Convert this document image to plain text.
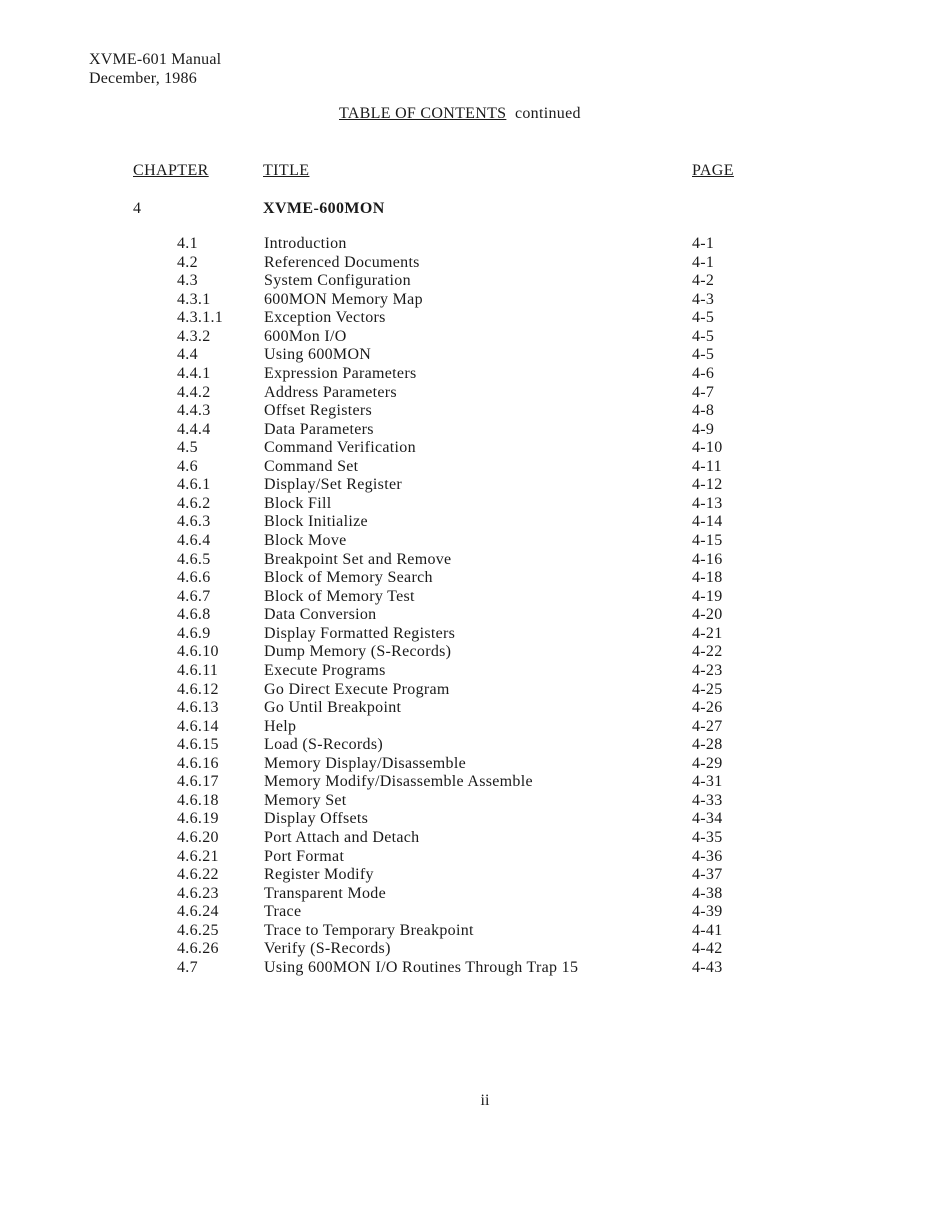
XVME-601 Manual
December, 1986
TABLE OF CONTENTS continued
CHAPTER	TITLE	PAGE
4	XVME-600MON
4.1	Introduction	4-1
4.2	Referenced Documents	4-1
4.3	System Configuration	4-2
4.3.1	600MON Memory Map	4-3
4.3.1.1	Exception Vectors	4-5
4.3.2	600Mon I/O	4-5
4.4	Using 600MON	4-5
4.4.1	Expression Parameters	4-6
4.4.2	Address Parameters	4-7
4.4.3	Offset Registers	4-8
4.4.4	Data Parameters	4-9
4.5	Command Verification	4-10
4.6	Command Set	4-11
4.6.1	Display/Set Register	4-12
4.6.2	Block Fill	4-13
4.6.3	Block Initialize	4-14
4.6.4	Block Move	4-15
4.6.5	Breakpoint Set and Remove	4-16
4.6.6	Block of Memory Search	4-18
4.6.7	Block of Memory Test	4-19
4.6.8	Data Conversion	4-20
4.6.9	Display Formatted Registers	4-21
4.6.10	Dump Memory (S-Records)	4-22
4.6.11	Execute Programs	4-23
4.6.12	Go Direct Execute Program	4-25
4.6.13	Go Until Breakpoint	4-26
4.6.14	Help	4-27
4.6.15	Load (S-Records)	4-28
4.6.16	Memory Display/Disassemble	4-29
4.6.17	Memory Modify/Disassemble Assemble	4-31
4.6.18	Memory Set	4-33
4.6.19	Display Offsets	4-34
4.6.20	Port Attach and Detach	4-35
4.6.21	Port Format	4-36
4.6.22	Register Modify	4-37
4.6.23	Transparent Mode	4-38
4.6.24	Trace	4-39
4.6.25	Trace to Temporary Breakpoint	4-41
4.6.26	Verify (S-Records)	4-42
4.7	Using 600MON I/O Routines Through Trap 15	4-43
ii
